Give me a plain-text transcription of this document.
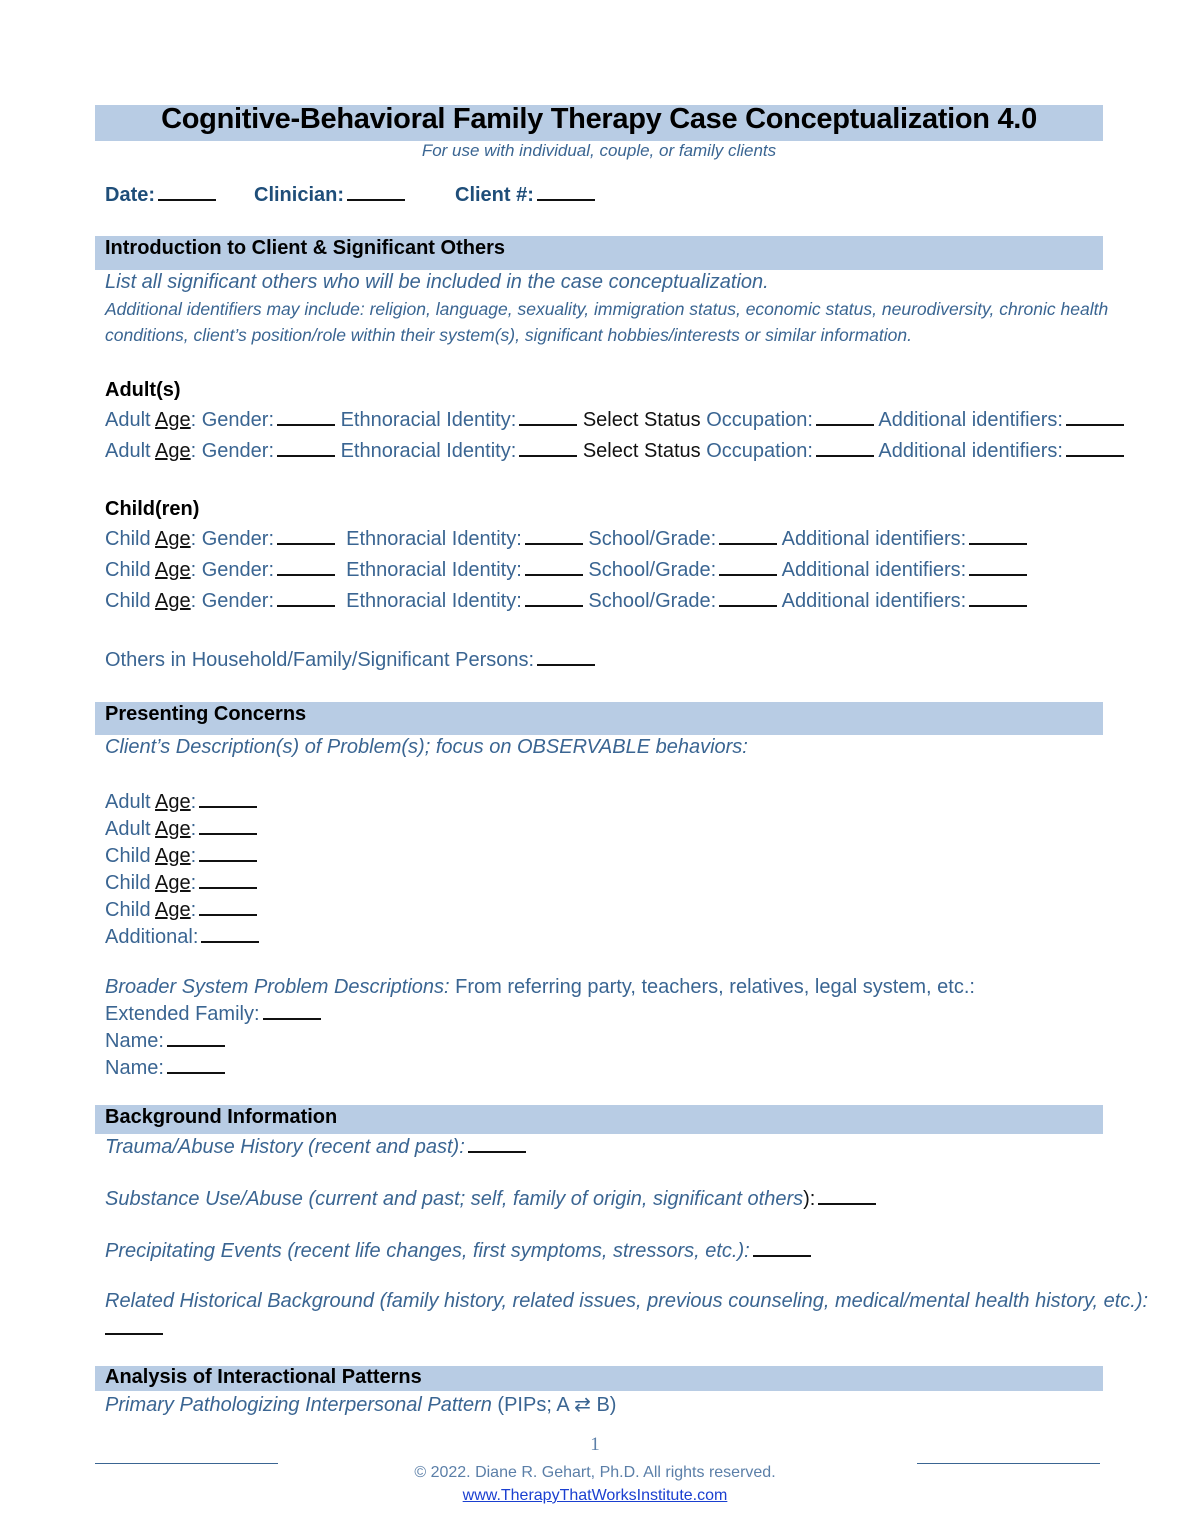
Cognitive-Behavioral Family Therapy Case Conceptualization 4.0
For use with individual, couple, or family clients
Date:	Clinician:	Client #:
Introduction to Client & Significant Others
List all significant others who will be included in the case conceptualization.
Additional identifiers may include: religion, language, sexuality, immigration status, economic status, neurodiversity, chronic health
conditions, client’s position/role within their system(s), significant hobbies/interests or similar information.
Adult(s)
Adult Age: Gender:	Ethnoracial Identity:	Select Status Occupation:	Additional identifiers:
Adult Age: Gender:	Ethnoracial Identity:	Select Status Occupation:	Additional identifiers:
Child(ren)
Child Age: Gender:	Ethnoracial Identity:	School/Grade:	Additional identifiers:
Child Age: Gender:	Ethnoracial Identity:	School/Grade:	Additional identifiers:
Child Age: Gender:	Ethnoracial Identity:	School/Grade:	Additional identifiers:
Others in Household/Family/Significant Persons:
Presenting Concerns
Client’s Description(s) of Problem(s); focus on OBSERVABLE behaviors:
Adult Age:
Adult Age:
Child Age:
Child Age:
Child Age:
Additional:
Broader System Problem Descriptions: From referring party, teachers, relatives, legal system, etc.:
Extended Family:
Name:
Name:
Background Information
Trauma/Abuse History (recent and past):
Substance Use/Abuse (current and past; self, family of origin, significant others):
Precipitating Events (recent life changes, first symptoms, stressors, etc.):
Related Historical Background (family history, related issues, previous counseling, medical/mental health history, etc.):
Analysis of Interactional Patterns
Primary Pathologizing Interpersonal Pattern (PIPs; A ⇄ B)
1
© 2022. Diane R. Gehart, Ph.D. All rights reserved.
www.TherapyThatWorksInstitute.com
